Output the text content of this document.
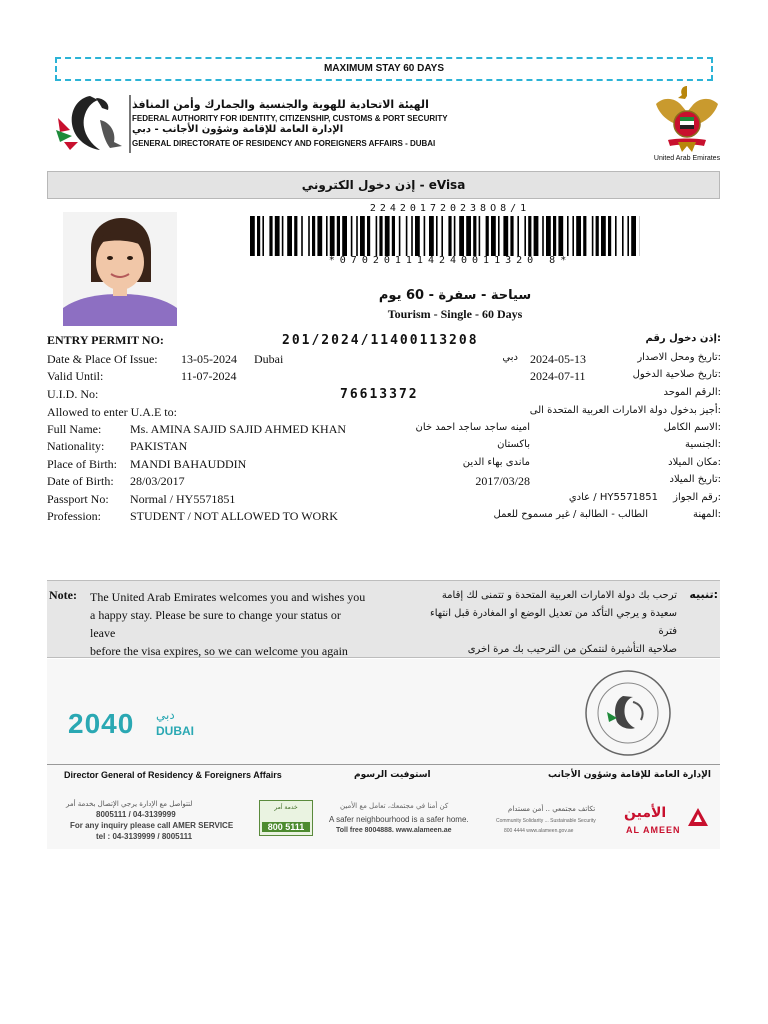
MAXIMUM STAY 60 DAYS
الهيئة الاتحادية للهوية والجنسية والجمارك وأمن المنافذ
FEDERAL AUTHORITY FOR IDENTITY, CITIZENSHIP, CUSTOMS & PORT SECURITY
الإدارة العامة للإقامة وشؤون الأجانب - دبي
GENERAL DIRECTORATE OF RESIDENCY AND FOREIGNERS AFFAIRS - DUBAI
United Arab Emirates
إذن دخول الكتروني - eVisa
224201720238O8/1
*070201114240011320 8*
سياحة - سفرة - 60 يوم
Tourism - Single - 60 Days
ENTRY PERMIT NO:	201/2024/11400113208	إذن دخول رقم:
Date & Place Of Issue: 13-05-2024 Dubai	دبي 2024-05-13	تاريخ ومحل الاصدار:
Valid Until:	11-07-2024	2024-07-11	تاريخ صلاحية الدخول:
U.I.D. No:	76613372	الرقم الموحد:
Allowed to enter U.A.E to:	أجيز بدخول دولة الامارات العربية المتحدة الى:
Full Name: Ms. AMINA SAJID SAJID AHMED KHAN	امينه ساجد ساجد احمد خان	الاسم الكامل:
Nationality: PAKISTAN	باكستان	الجنسية:
Place of Birth: MANDI BAHAUDDIN	ماندى بهاء الدين	مكان الميلاد:
Date of Birth: 28/03/2017	2017/03/28	تاريخ الميلاد:
Passport No: Normal / HY5571851	عادي / HY5571851 رقم الجواز:
Profession: STUDENT / NOT ALLOWED TO WORK	الطالب - الطالبة / غير مسموح للعمل	المهنة:
Note: The United Arab Emirates welcomes you and wishes you
a happy stay. Please be sure to change your status or
leave
before the visa expires, so we can welcome you again
ترحب بك دولة الامارات العربية المتحدة و تتمنى لك إقامة
سعيدة و يرجي التأكد من تعديل الوضع او المغادرة قبل انتهاء
فترة
صلاحية التأشيرة لنتمكن من الترحيب بك مرة اخرى
تنبيه:
2040 دبي
DUBAI
Director General of Residency & Foreigners Affairs	استوفيت الرسوم	الإدارة العامة للإقامة وشؤون الأجانب
لتتواصل مع الإدارة يرجي الإتصال بخدمة أمر
8005111 / 04-3139999
For any inquiry please call AMER SERVICE
tel : 04-3139999 / 8005111
خدمة أمر
800 5111
كن أمنا في مجتمعك، تعامل مع الأمين
A safer neighbourhood is a safer home.
Toll free 8004888. www.alameen.ae
تكاتف مجتمعي .. أمن مستدام
Community Solidarity ... Sustainable Security
800 4444 www.alameen.gov.ae
الأمين
AL AMEEN
